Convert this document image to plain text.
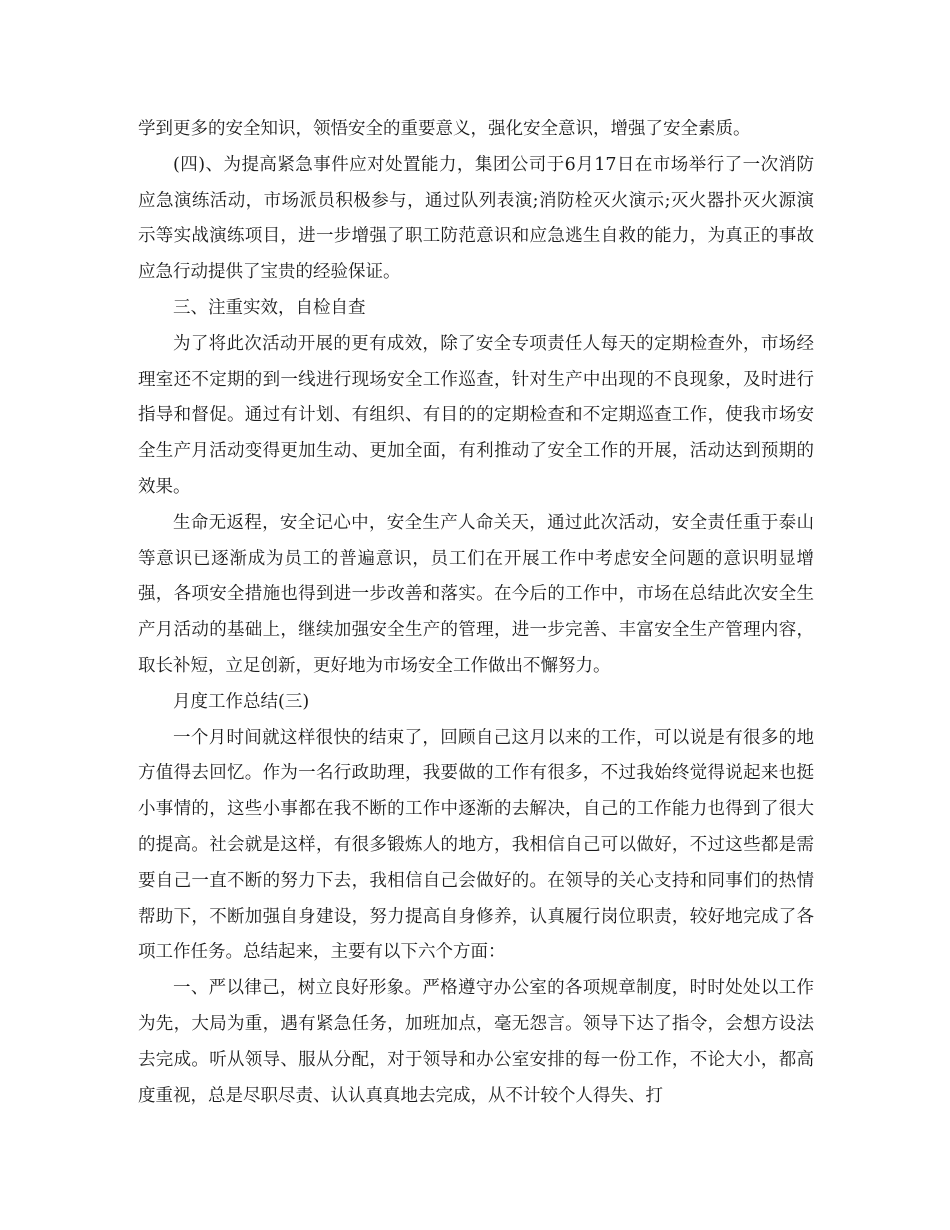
学到更多的安全知识，领悟安全的重要意义，强化安全意识，增强了安全素质。

(四)、为提高紧急事件应对处置能力，集团公司于6月17日在市场举行了一次消防应急演练活动，市场派员积极参与，通过队列表演;消防栓灭火演示;灭火器扑灭火源演示等实战演练项目，进一步增强了职工防范意识和应急逃生自救的能力，为真正的事故应急行动提供了宝贵的经验保证。

三、注重实效，自检自查

为了将此次活动开展的更有成效，除了安全专项责任人每天的定期检查外，市场经理室还不定期的到一线进行现场安全工作巡查，针对生产中出现的不良现象，及时进行指导和督促。通过有计划、有组织、有目的的定期检查和不定期巡查工作，使我市场安全生产月活动变得更加生动、更加全面，有利推动了安全工作的开展，活动达到预期的效果。

生命无返程，安全记心中，安全生产人命关天，通过此次活动，安全责任重于泰山等意识已逐渐成为员工的普遍意识，员工们在开展工作中考虑安全问题的意识明显增强，各项安全措施也得到进一步改善和落实。在今后的工作中，市场在总结此次安全生产月活动的基础上，继续加强安全生产的管理，进一步完善、丰富安全生产管理内容，取长补短，立足创新，更好地为市场安全工作做出不懈努力。

月度工作总结(三)

一个月时间就这样很快的结束了，回顾自己这月以来的工作，可以说是有很多的地方值得去回忆。作为一名行政助理，我要做的工作有很多，不过我始终觉得说起来也挺小事情的，这些小事都在我不断的工作中逐渐的去解决，自己的工作能力也得到了很大的提高。社会就是这样，有很多锻炼人的地方，我相信自己可以做好，不过这些都是需要自己一直不断的努力下去，我相信自己会做好的。在领导的关心支持和同事们的热情帮助下，不断加强自身建设，努力提高自身修养，认真履行岗位职责，较好地完成了各项工作任务。总结起来，主要有以下六个方面：

一、严以律己，树立良好形象。严格遵守办公室的各项规章制度，时时处处以工作为先，大局为重，遇有紧急任务，加班加点，毫无怨言。领导下达了指令，会想方设法去完成。听从领导、服从分配，对于领导和办公室安排的每一份工作，不论大小，都高度重视，总是尽职尽责、认认真真地去完成，从不计较个人得失、打
